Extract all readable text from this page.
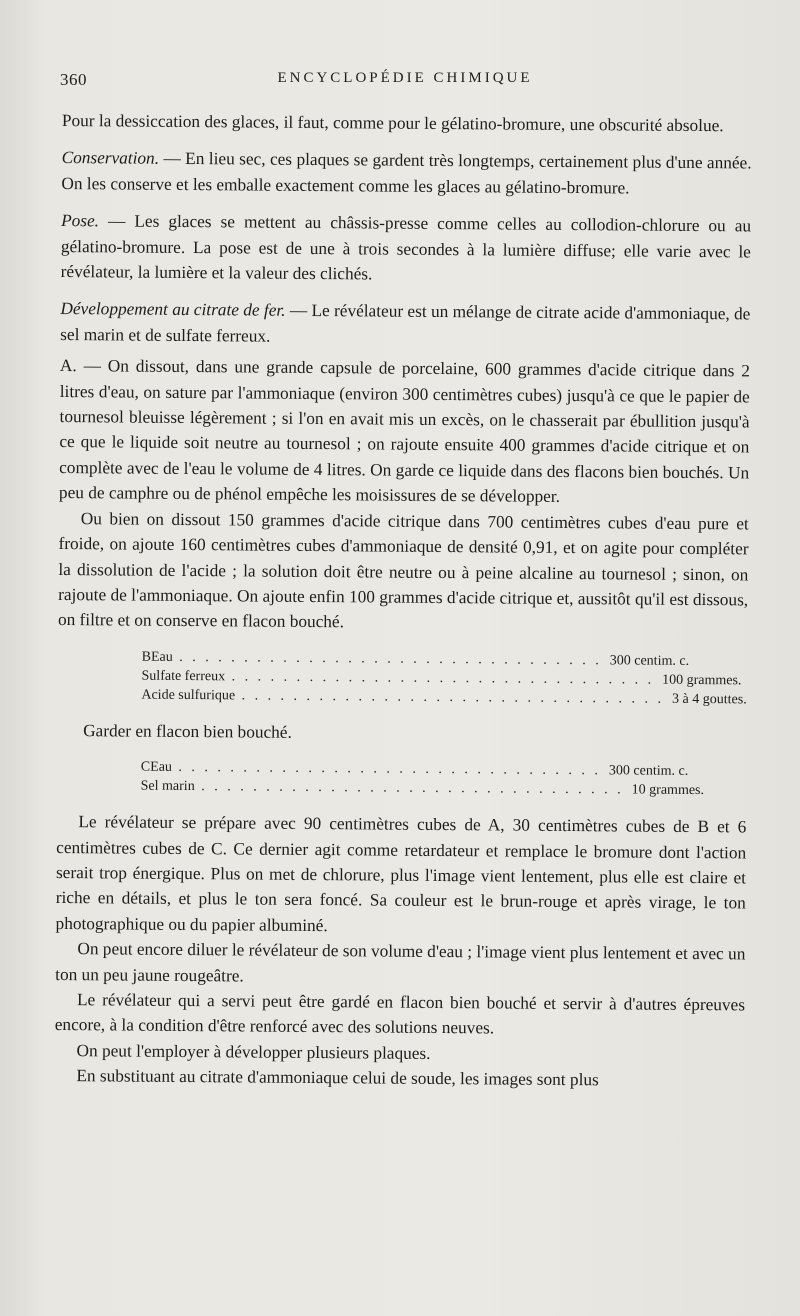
360	ENCYCLOPÉDIE CHIMIQUE

Pour la dessiccation des glaces, il faut, comme pour le gélatino-bromure, une obscurité absolue.

Conservation. — En lieu sec, ces plaques se gardent très longtemps, certainement plus d'une année. On les conserve et les emballe exactement comme les glaces au gélatino-bromure.

Pose. — Les glaces se mettent au châssis-presse comme celles au collodion-chlorure ou au gélatino-bromure. La pose est de une à trois secondes à la lumière diffuse; elle varie avec le révélateur, la lumière et la valeur des clichés.

Développement au citrate de fer. — Le révélateur est un mélange de citrate acide d'ammoniaque, de sel marin et de sulfate ferreux.

A. — On dissout, dans une grande capsule de porcelaine, 600 grammes d'acide citrique dans 2 litres d'eau, on sature par l'ammoniaque (environ 300 centimètres cubes) jusqu'à ce que le papier de tournesol bleuisse légèrement ; si l'on en avait mis un excès, on le chasserait par ébullition jusqu'à ce que le liquide soit neutre au tournesol ; on rajoute ensuite 400 grammes d'acide citrique et on complète avec de l'eau le volume de 4 litres. On garde ce liquide dans des flacons bien bouchés. Un peu de camphre ou de phénol empêche les moisissures de se développer.

Ou bien on dissout 150 grammes d'acide citrique dans 700 centimètres cubes d'eau pure et froide, on ajoute 160 centimètres cubes d'ammoniaque de densité 0,91, et on agite pour compléter la dissolution de l'acide ; la solution doit être neutre ou à peine alcaline au tournesol ; sinon, on rajoute de l'ammoniaque. On ajoute enfin 100 grammes d'acide citrique et, aussitôt qu'il est dissous, on filtre et on conserve en flacon bouché.

B Eau . . . . . . . . . . . . . . . . . . . . . . . . . . . . . . . . . 300 centim. c.
Sulfate ferreux . . . . . . . . . . . . . . . . . . . . . . . . . . . . . . . . . 100 grammes.
Acide sulfurique . . . . . . . . . . . . . . . . . . . . . . . . . . . . . . . . . 3 à 4 gouttes.

Garder en flacon bien bouché.

C Eau . . . . . . . . . . . . . . . . . . . . . . . . . . . . . . . . . 300 centim. c.
Sel marin . . . . . . . . . . . . . . . . . . . . . . . . . . . . . . . . . 10 grammes.

Le révélateur se prépare avec 90 centimètres cubes de A, 30 centimètres cubes de B et 6 centimètres cubes de C. Ce dernier agit comme retardateur et remplace le bromure dont l'action serait trop énergique. Plus on met de chlorure, plus l'image vient lentement, plus elle est claire et riche en détails, et plus le ton sera foncé. Sa couleur est le brun-rouge et après virage, le ton photographique ou du papier albuminé.

On peut encore diluer le révélateur de son volume d'eau ; l'image vient plus lentement et avec un ton un peu jaune rougeâtre.

Le révélateur qui a servi peut être gardé en flacon bien bouché et servir à d'autres épreuves encore, à la condition d'être renforcé avec des solutions neuves.

On peut l'employer à développer plusieurs plaques.

En substituant au citrate d'ammoniaque celui de soude, les images sont plus
